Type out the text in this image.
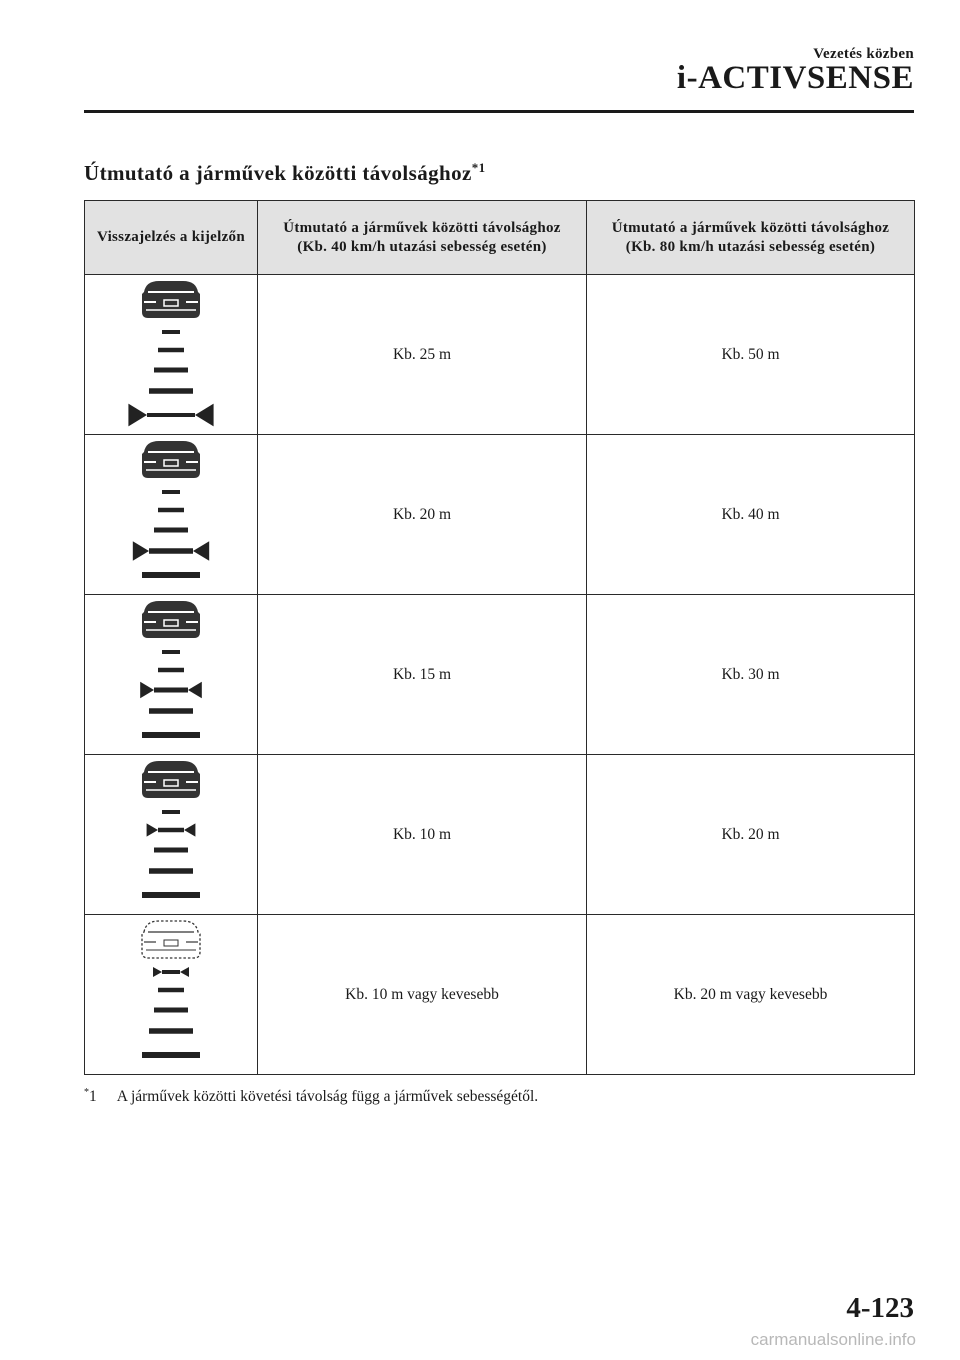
Vezetés közben
i-ACTIVSENSE
Útmutató a járművek közötti távolsághoz$^{*1}$
Visszajelzés a kijelzőn	Útmutató a járművek közötti távolsághoz (Kb. 40 km/h utazási sebesség esetén)	Útmutató a járművek közötti távolsághoz (Kb. 80 km/h utazási sebesség esetén)

	Kb. 25 m	Kb. 50 m

	Kb. 20 m	Kb. 40 m

	Kb. 15 m	Kb. 30 m

	Kb. 10 m	Kb. 20 m

	Kb. 10 m vagy kevesebb	Kb. 20 m vagy kevesebb
*1 A járművek közötti követési távolság függ a járművek sebességétől.
4-123
carmanualsonline.info
